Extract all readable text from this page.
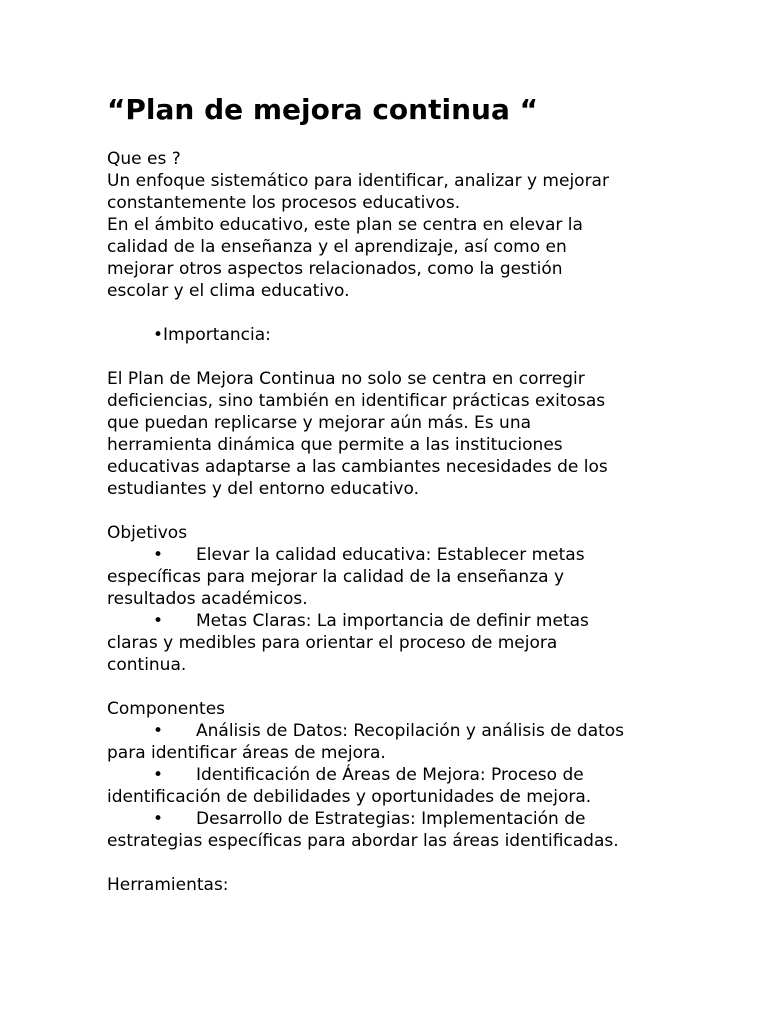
“Plan de mejora continua “

Que es ?

Un enfoque sistemático para identificar, analizar y mejorar

constantemente los procesos educativos.

En el ámbito educativo, este plan se centra en elevar la

calidad de la enseñanza y el aprendizaje, así como en

mejorar otros aspectos relacionados, como la gestión

escolar y el clima educativo.

•Importancia:

El Plan de Mejora Continua no solo se centra en corregir

deficiencias, sino también en identificar prácticas exitosas

que puedan replicarse y mejorar aún más. Es una

herramienta dinámica que permite a las instituciones

educativas adaptarse a las cambiantes necesidades de los

estudiantes y del entorno educativo.

Objetivos

• Elevar la calidad educativa: Establecer metas

específicas para mejorar la calidad de la enseñanza y

resultados académicos.

• Metas Claras: La importancia de definir metas

claras y medibles para orientar el proceso de mejora

continua.

Componentes

• Análisis de Datos: Recopilación y análisis de datos

para identificar áreas de mejora.

• Identificación de Áreas de Mejora: Proceso de

identificación de debilidades y oportunidades de mejora.

• Desarrollo de Estrategias: Implementación de

estrategias específicas para abordar las áreas identificadas.

Herramientas:
